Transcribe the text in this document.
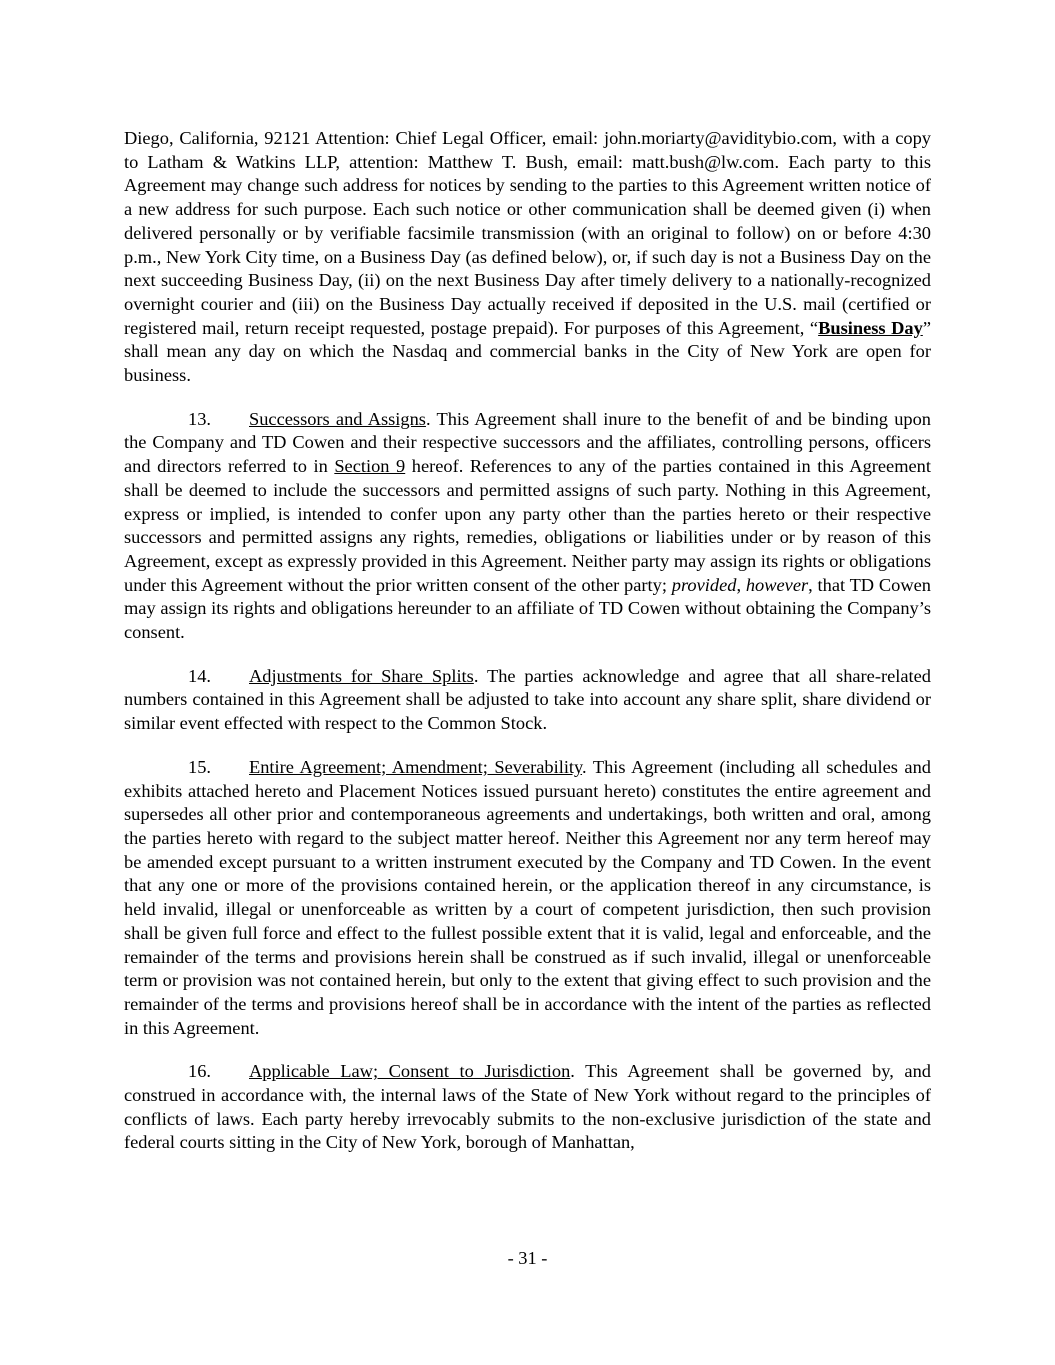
Diego, California, 92121 Attention: Chief Legal Officer, email: john.moriarty@aviditybio.com, with a copy to Latham & Watkins LLP, attention: Matthew T. Bush, email: matt.bush@lw.com. Each party to this Agreement may change such address for notices by sending to the parties to this Agreement written notice of a new address for such purpose. Each such notice or other communication shall be deemed given (i) when delivered personally or by verifiable facsimile transmission (with an original to follow) on or before 4:30 p.m., New York City time, on a Business Day (as defined below), or, if such day is not a Business Day on the next succeeding Business Day, (ii) on the next Business Day after timely delivery to a nationally-recognized overnight courier and (iii) on the Business Day actually received if deposited in the U.S. mail (certified or registered mail, return receipt requested, postage prepaid). For purposes of this Agreement, “Business Day” shall mean any day on which the Nasdaq and commercial banks in the City of New York are open for business.

13. Successors and Assigns. This Agreement shall inure to the benefit of and be binding upon the Company and TD Cowen and their respective successors and the affiliates, controlling persons, officers and directors referred to in Section 9 hereof. References to any of the parties contained in this Agreement shall be deemed to include the successors and permitted assigns of such party. Nothing in this Agreement, express or implied, is intended to confer upon any party other than the parties hereto or their respective successors and permitted assigns any rights, remedies, obligations or liabilities under or by reason of this Agreement, except as expressly provided in this Agreement. Neither party may assign its rights or obligations under this Agreement without the prior written consent of the other party; provided, however, that TD Cowen may assign its rights and obligations hereunder to an affiliate of TD Cowen without obtaining the Company’s consent.

14. Adjustments for Share Splits. The parties acknowledge and agree that all share-related numbers contained in this Agreement shall be adjusted to take into account any share split, share dividend or similar event effected with respect to the Common Stock.

15. Entire Agreement; Amendment; Severability. This Agreement (including all schedules and exhibits attached hereto and Placement Notices issued pursuant hereto) constitutes the entire agreement and supersedes all other prior and contemporaneous agreements and undertakings, both written and oral, among the parties hereto with regard to the subject matter hereof. Neither this Agreement nor any term hereof may be amended except pursuant to a written instrument executed by the Company and TD Cowen. In the event that any one or more of the provisions contained herein, or the application thereof in any circumstance, is held invalid, illegal or unenforceable as written by a court of competent jurisdiction, then such provision shall be given full force and effect to the fullest possible extent that it is valid, legal and enforceable, and the remainder of the terms and provisions herein shall be construed as if such invalid, illegal or unenforceable term or provision was not contained herein, but only to the extent that giving effect to such provision and the remainder of the terms and provisions hereof shall be in accordance with the intent of the parties as reflected in this Agreement.

16. Applicable Law; Consent to Jurisdiction. This Agreement shall be governed by, and construed in accordance with, the internal laws of the State of New York without regard to the principles of conflicts of laws. Each party hereby irrevocably submits to the non-exclusive jurisdiction of the state and federal courts sitting in the City of New York, borough of Manhattan,

- 31 -
